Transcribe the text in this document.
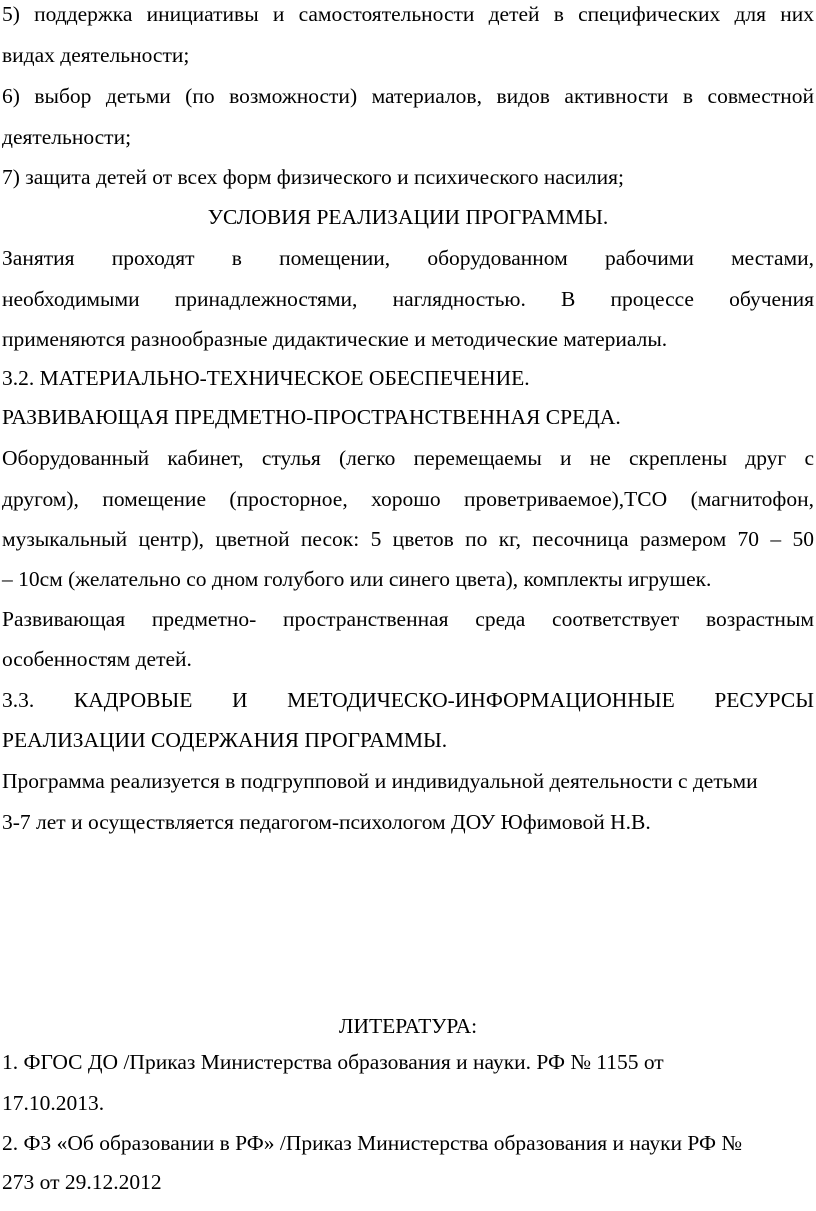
5) поддержка инициативы и самостоятельности детей в специфических для них
видах деятельности;
6) выбор детьми (по возможности) материалов, видов активности в совместной
деятельности;
7) защита детей от всех форм физического и психического насилия;
УСЛОВИЯ РЕАЛИЗАЦИИ ПРОГРАММЫ.
Занятия проходят в помещении, оборудованном рабочими местами,
необходимыми принадлежностями, наглядностью. В процессе обучения
применяются разнообразные дидактические и методические материалы.
3.2. МАТЕРИАЛЬНО-ТЕХНИЧЕСКОЕ ОБЕСПЕЧЕНИЕ.
РАЗВИВАЮЩАЯ ПРЕДМЕТНО-ПРОСТРАНСТВЕННАЯ СРЕДА.
Оборудованный кабинет, стулья (легко перемещаемы и не скреплены друг с
другом), помещение (просторное, хорошо проветриваемое),ТСО (магнитофон,
музыкальный центр), цветной песок: 5 цветов по кг, песочница размером 70 – 50
– 10см (желательно со дном голубого или синего цвета), комплекты игрушек.
Развивающая предметно- пространственная среда соответствует возрастным
особенностям детей.
3.3. КАДРОВЫЕ И МЕТОДИЧЕСКО-ИНФОРМАЦИОННЫЕ РЕСУРСЫ
РЕАЛИЗАЦИИ СОДЕРЖАНИЯ ПРОГРАММЫ.
Программа реализуется в подгрупповой и индивидуальной деятельности с детьми
3-7 лет и осуществляется педагогом-психологом ДОУ Юфимовой Н.В.
ЛИТЕРАТУРА:
1. ФГОС ДО /Приказ Министерства образования и науки. РФ № 1155 от
17.10.2013.
2. ФЗ «Об образовании в РФ» /Приказ Министерства образования и науки РФ №
273 от 29.12.2012
